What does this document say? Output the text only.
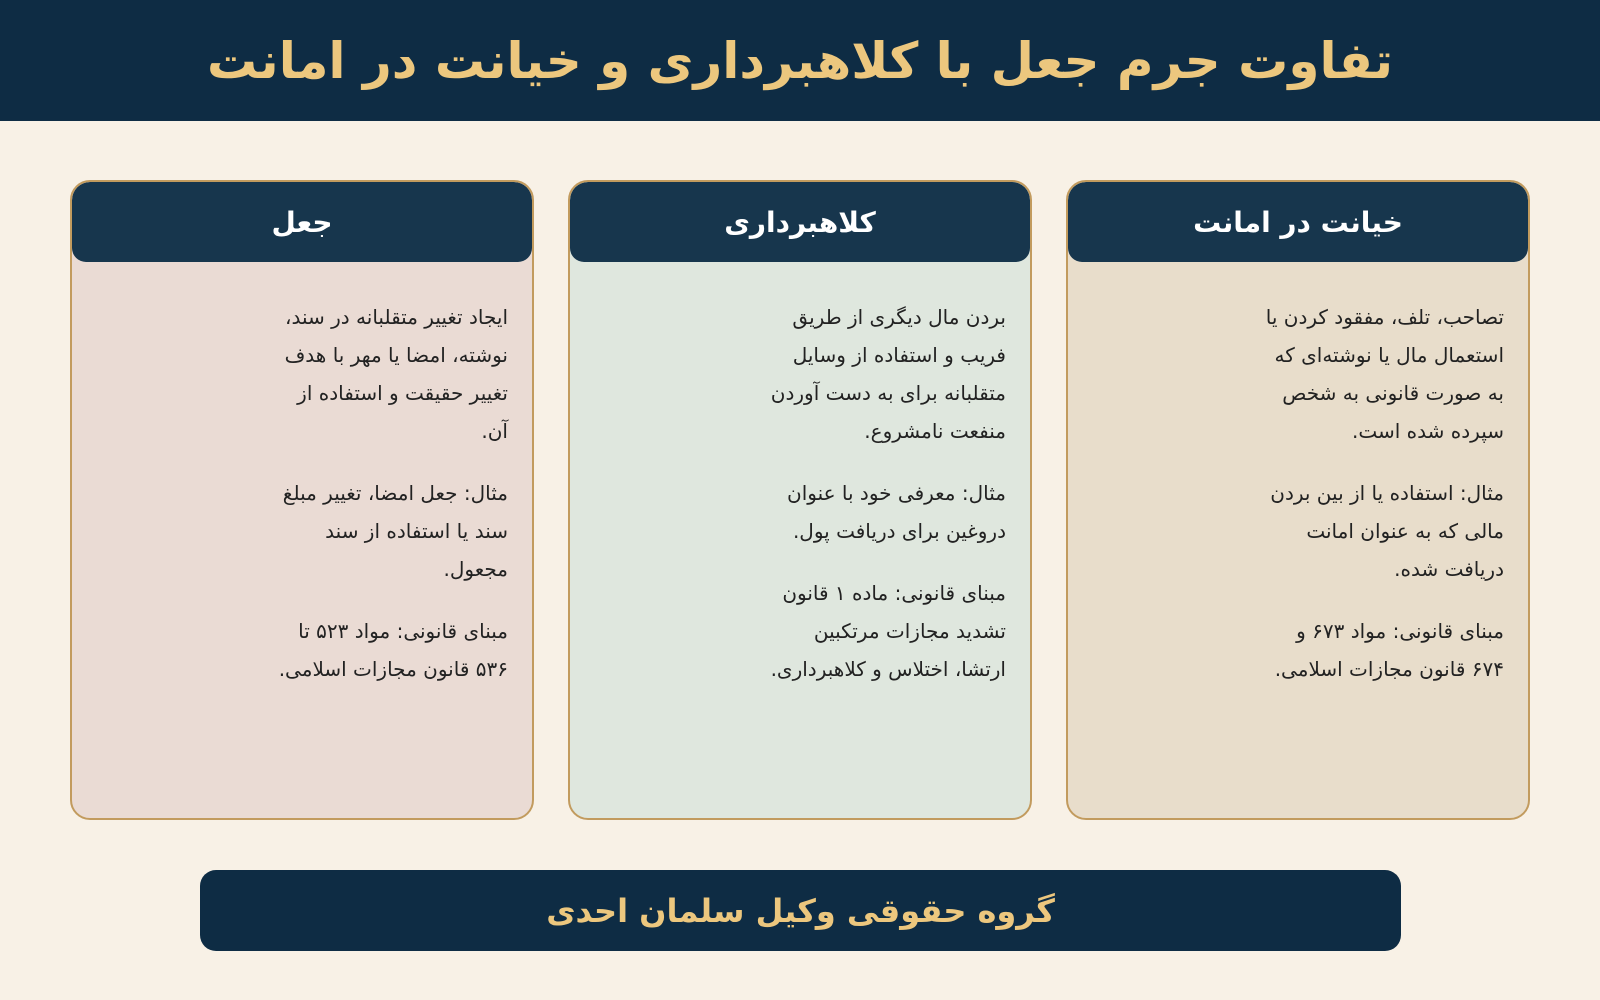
تفاوت جرم جعل با کلاهبرداری و خیانت در امانت
خیانت در امانت

تصاحب، تلف، مفقود کردن یا استعمال مال یا نوشته‌ای که به صورت قانونی به شخص سپرده شده است.

مثال: استفاده یا از بین بردن مالی که به عنوان امانت دریافت شده.

مبنای قانونی: مواد ۶۷۳ و ۶۷۴ قانون مجازات اسلامی.

کلاهبرداری

بردن مال دیگری از طریق فریب و استفاده از وسایل متقلبانه برای به دست آوردن منفعت نامشروع.

مثال: معرفی خود با عنوان دروغین برای دریافت پول.

مبنای قانونی: ماده ۱ قانون تشدید مجازات مرتکبین ارتشا، اختلاس و کلاهبرداری.

جعل

ایجاد تغییر متقلبانه در سند، نوشته، امضا یا مهر با هدف تغییر حقیقت و استفاده از آن.

مثال: جعل امضا، تغییر مبلغ سند یا استفاده از سند مجعول.

مبنای قانونی: مواد ۵۲۳ تا ۵۳۶ قانون مجازات اسلامی.

گروه حقوقی وکیل سلمان احدی
